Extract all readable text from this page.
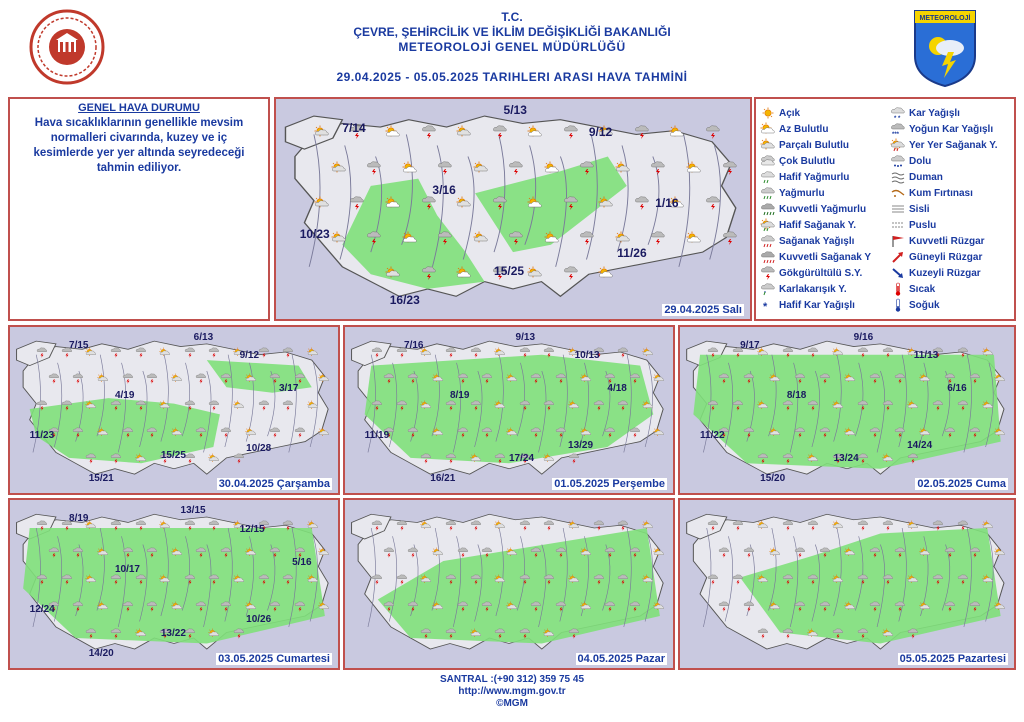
T.C.
ÇEVRE, ŞEHİRCİLİK VE İKLİM DEĞİŞİKLİĞİ BAKANLIĞI
METEOROLOJİ GENEL MÜDÜRLÜĞÜ
29.04.2025 - 05.05.2025 TARIHLERI ARASI HAVA TAHMİNİ
METEOROLOJİ
GENEL HAVA DURUMU
Hava sıcaklıklarının genellikle mevsim normalleri civarında, kuzey ve iç kesimlerde yer yer altında seyredeceği tahmin ediliyor.
Açık
Az Bulutlu
Parçalı Bulutlu
Çok Bulutlu
Hafif Yağmurlu
Yağmurlu
Kuvvetli Yağmurlu
Hafif Sağanak Y.
Sağanak Yağışlı
Kuvvetli Sağanak Y
Gökgürültülü S.Y.
Karlakarışık Y.
* Hafif Kar Yağışlı
* *
Kar Yağışlı
***
Yoğun Kar Yağışlı
Yer Yer Sağanak Y.
Dolu
Duman
Kum Fırtınası
Sisli
Puslu
Kuvvetli Rüzgar
Güneyli Rüzgar
Kuzeyli Rüzgar
Sıcak
Soğuk
7/14
5/13
9/12
3/16
1/16
10/23
11/26
15/25
16/23
29.04.2025 Salı
7/15
6/13
9/12
4/19
3/17
11/23
10/28
15/25
15/21	30.04.2025 Çarşamba
7/16
9/13
10/13
8/19
4/18
11/19
13/29
17/24
16/21	01.05.2025 Perşembe
9/17
9/16
11/13
8/18
6/16
11/22
14/24
13/24
15/20	02.05.2025 Cuma
8/19
13/15
12/15
10/17
5/16
12/24
10/26
13/22
14/20	03.05.2025 Cumartesi	04.05.2025 Pazar	05.05.2025 Pazartesi
SANTRAL :(+90 312) 359 75 45
http://www.mgm.gov.tr
©MGM
